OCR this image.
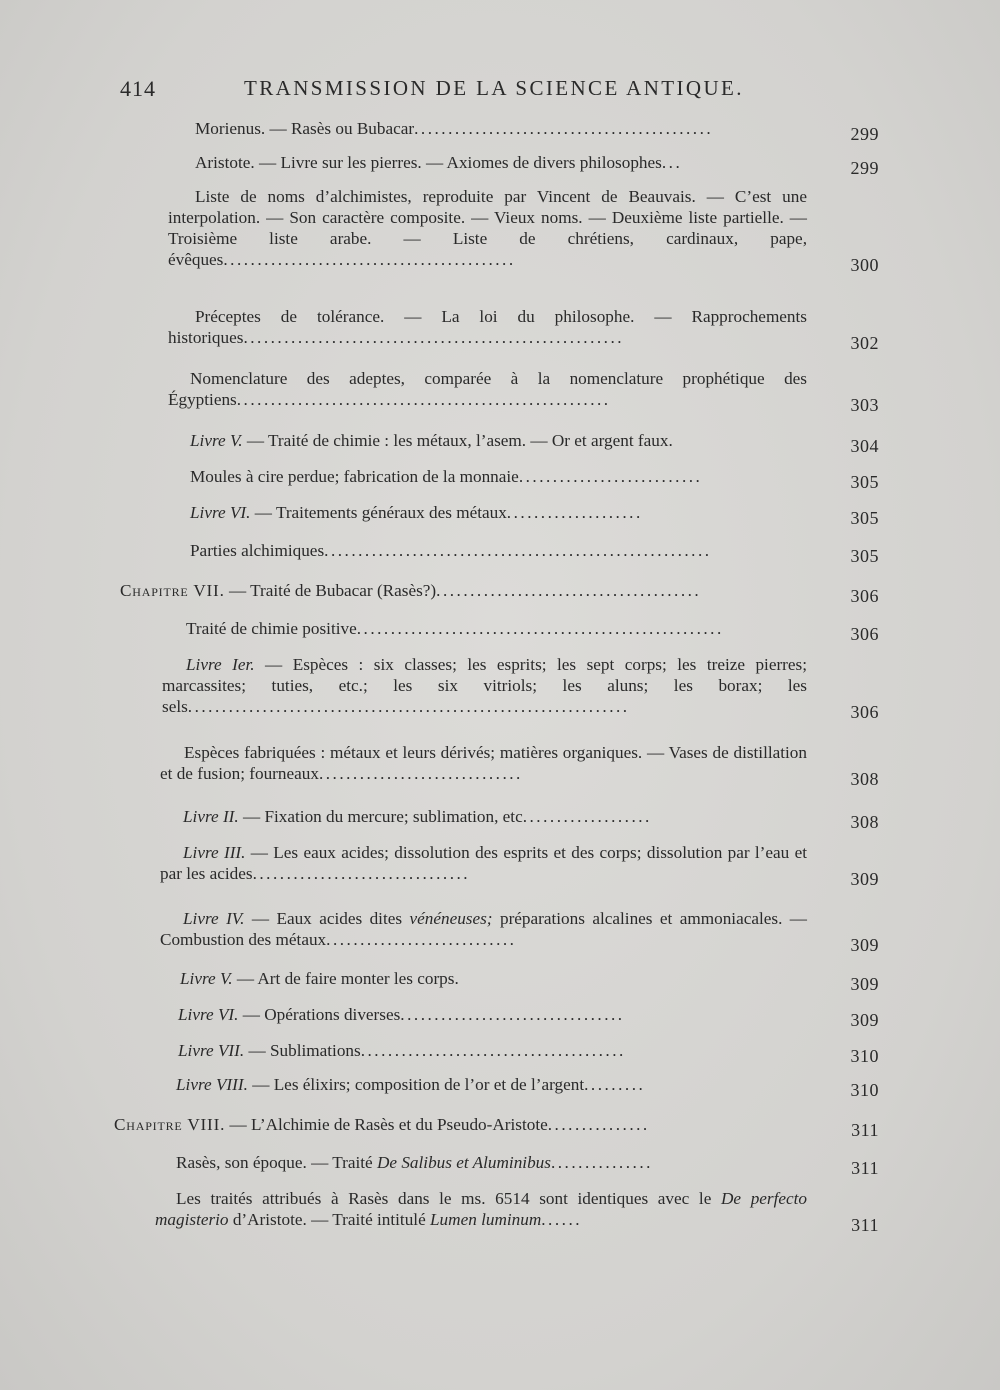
414	TRANSMISSION DE LA SCIENCE ANTIQUE.
Morienus. — Rasès ou Bubacar............................................	299
Aristote. — Livre sur les pierres. — Axiomes de divers philosophes...	299
Liste de noms d’alchimistes, reproduite par Vincent de Beauvais. — C’est une interpolation. — Son caractère composite. — Vieux noms. — Deuxième liste partielle. — Troisième liste arabe. — Liste de chrétiens, cardinaux, pape, évêques...........................................	300
Préceptes de tolérance. — La loi du philosophe. — Rapprochements historiques........................................................	302
Nomenclature des adeptes, comparée à la nomenclature prophétique des Égyptiens.......................................................	303
Livre V. — Traité de chimie : les métaux, l’asem. — Or et argent faux.	304
Moules à cire perdue; fabrication de la monnaie...........................	305
Livre VI. — Traitements généraux des métaux....................	305
Parties alchimiques.........................................................	305
Chapitre VII. — Traité de Bubacar (Rasès?).......................................	306
Traité de chimie positive......................................................	306
Livre Ier. — Espèces : six classes; les esprits; les sept corps; les treize pierres; marcassites; tuties, etc.; les six vitriols; les aluns; les borax; les sels.................................................................	306
Espèces fabriquées : métaux et leurs dérivés; matières organiques. — Vases de distillation et de fusion; fourneaux..............................	308
Livre II. — Fixation du mercure; sublimation, etc...................	308
Livre III. — Les eaux acides; dissolution des esprits et des corps; dissolution par l’eau et par les acides................................	309
Livre IV. — Eaux acides dites vénéneuses; préparations alcalines et ammoniacales. — Combustion des métaux............................	309
Livre V. — Art de faire monter les corps.	309
Livre VI. — Opérations diverses.................................	309
Livre VII. — Sublimations.......................................	310
Livre VIII. — Les élixirs; composition de l’or et de l’argent.........	310
Chapitre VIII. — L’Alchimie de Rasès et du Pseudo-Aristote...............	311
Rasès, son époque. — Traité De Salibus et Aluminibus...............	311
Les traités attribués à Rasès dans le ms. 6514 sont identiques avec le De perfecto magisterio d’Aristote. — Traité intitulé Lumen luminum......	311
